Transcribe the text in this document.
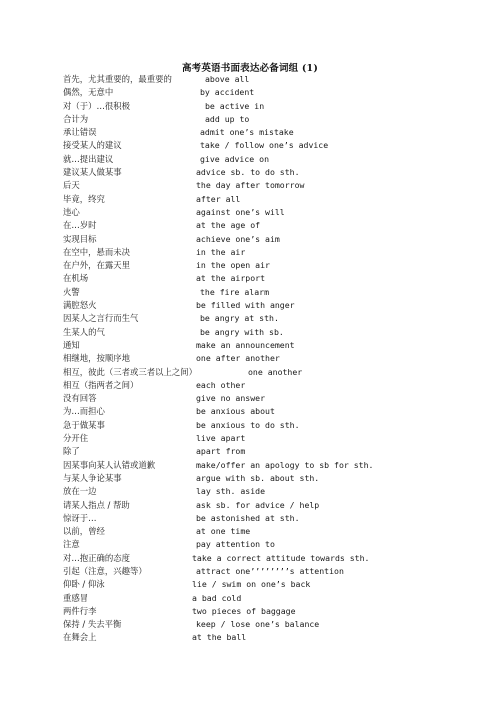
高考英语书面表达必备词组 (1)
首先，尤其重要的，最重要的	above all
偶然，无意中	by accident
对（于）…很积极	be active in
合计为	add up to
承让错误	admit one’s mistake
接受某人的建议	take / follow one’s advice
就…提出建议	give advice on
建议某人做某事	advice sb. to do sth.
后天	the day after tomorrow
毕竟，终究	after all
违心	against one’s will
在…岁时	at the age of
实现目标	achieve one’s aim
在空中，悬而未决	in the air
在户外，在露天里	in the open air
在机场	at the airport
火警	the fire alarm
满腔怒火	be filled with anger
因某人之言行而生气	be angry at sth.
生某人的气	be angry with sb.
通知	make an announcement
相继地，按顺序地	one after another
相互，彼此（三者或三者以上之间）	one another
相互（指两者之间）	each other
没有回答	give no answer
为…而担心	be anxious about
急于做某事	be anxious to do sth.
分开住	live apart
除了	apart from
因某事向某人认错或道歉	make/offer an apology to sb for sth.
与某人争论某事	argue with sb. about sth.
放在一边	lay sth. aside
请某人指点 / 帮助	ask sb. for advice / help
惊讶于…	be astonished at sth.
以前，曾经	at one time
注意	pay attention to
对…抱正确的态度	take a correct attitude towards sth.
引起（注意，兴趣等）	attract one’’’’’’’’s attention
仰卧 / 仰泳	lie / swim on one’s back
重感冒	a bad cold
两件行李	two pieces of baggage
保持 / 失去平衡	keep / lose one’s balance
在舞会上	at the ball
